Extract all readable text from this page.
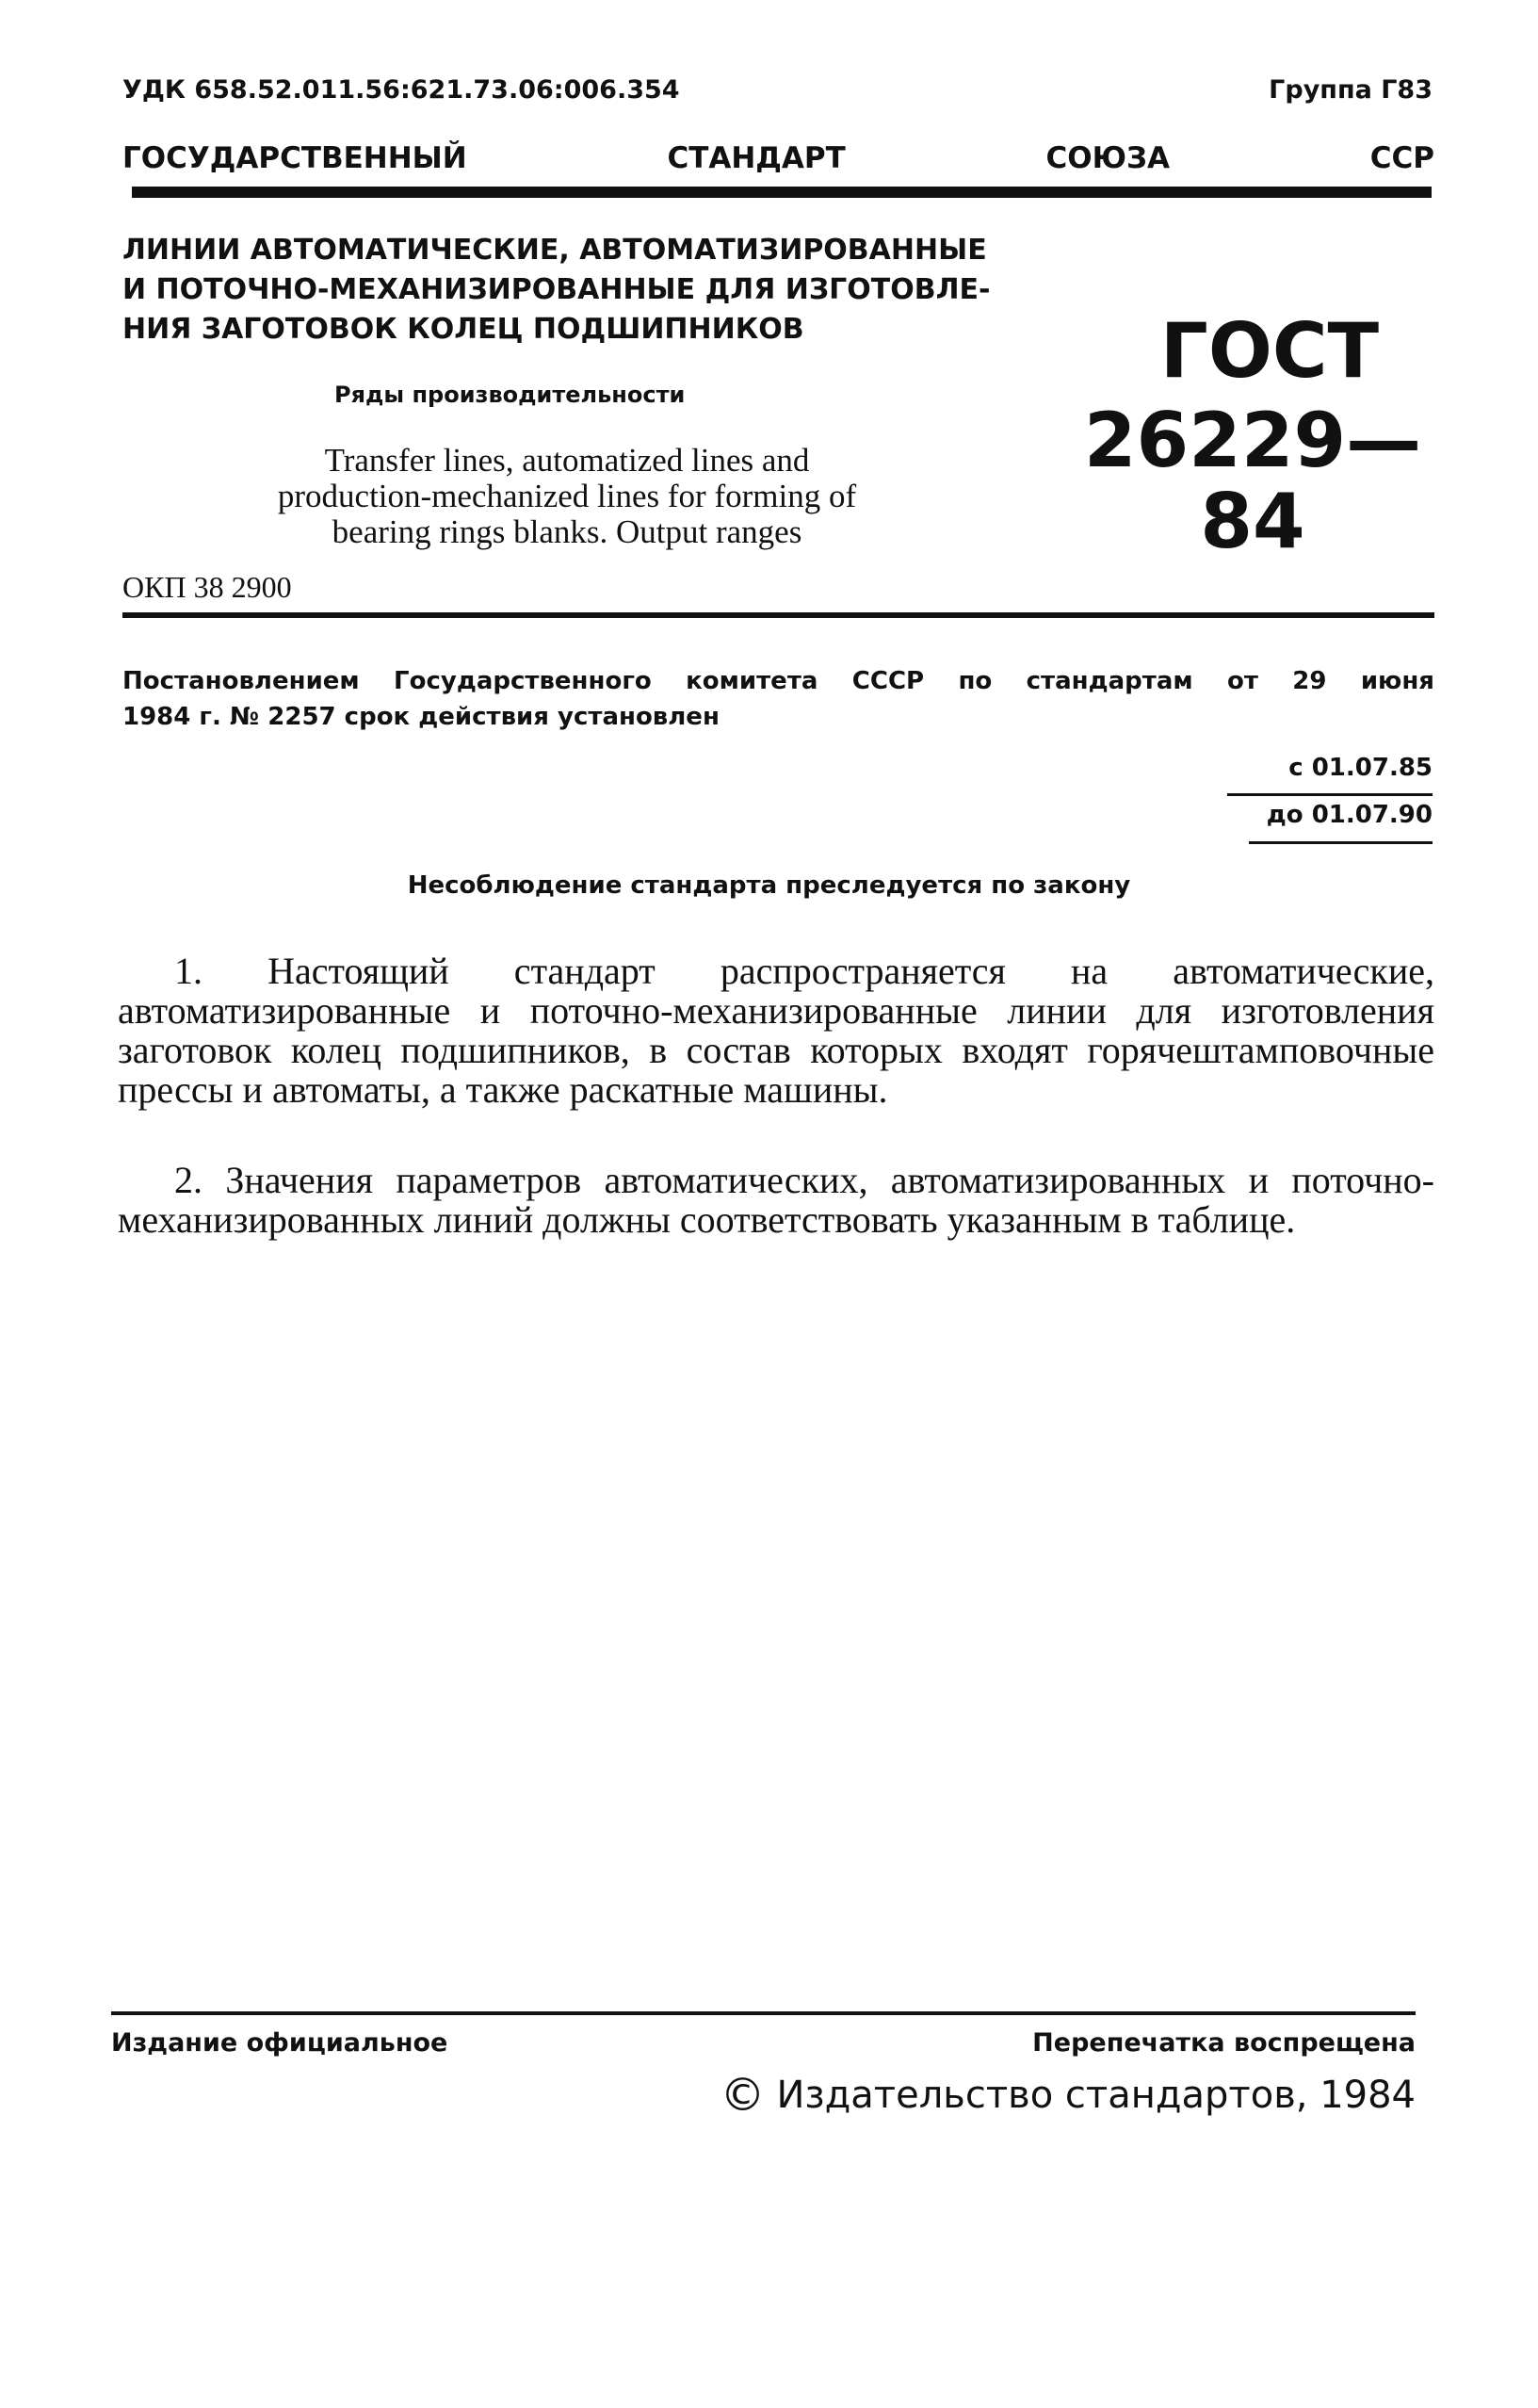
УДК 658.52.011.56:621.73.06:006.354	Группа Г83
ГОСУДАРСТВЕННЫЙ	СТАНДАРТ	СОЮЗА	ССР
ЛИНИИ АВТОМАТИЧЕСКИЕ, АВТОМАТИЗИРОВАННЫЕ
И ПОТОЧНО-МЕХАНИЗИРОВАННЫЕ ДЛЯ ИЗГОТОВЛЕ-
НИЯ ЗАГОТОВОК КОЛЕЦ ПОДШИПНИКОВ
Ряды производительности
Transfer lines, automatized lines and
production-mechanized lines for forming of
bearing rings blanks. Output ranges
ОКП 38 2900
ГОСТ
26229—84
Постановлением Государственного комитета СССР по стандартам от 29 июня
1984 г. № 2257 срок действия установлен
с 01.07.85
до 01.07.90
Несоблюдение стандарта преследуется по закону
1. Настоящий стандарт распространяется на автоматические, автоматизированные и поточно-механизированные линии для изготовления заготовок колец подшипников, в состав которых входят горячештамповочные прессы и автоматы, а также раскатные машины.
2. Значения параметров автоматических, автоматизированных и поточно-механизированных линий должны соответствовать указанным в таблице.
Издание официальное	Перепечатка воспрещена
© Издательство стандартов, 1984
